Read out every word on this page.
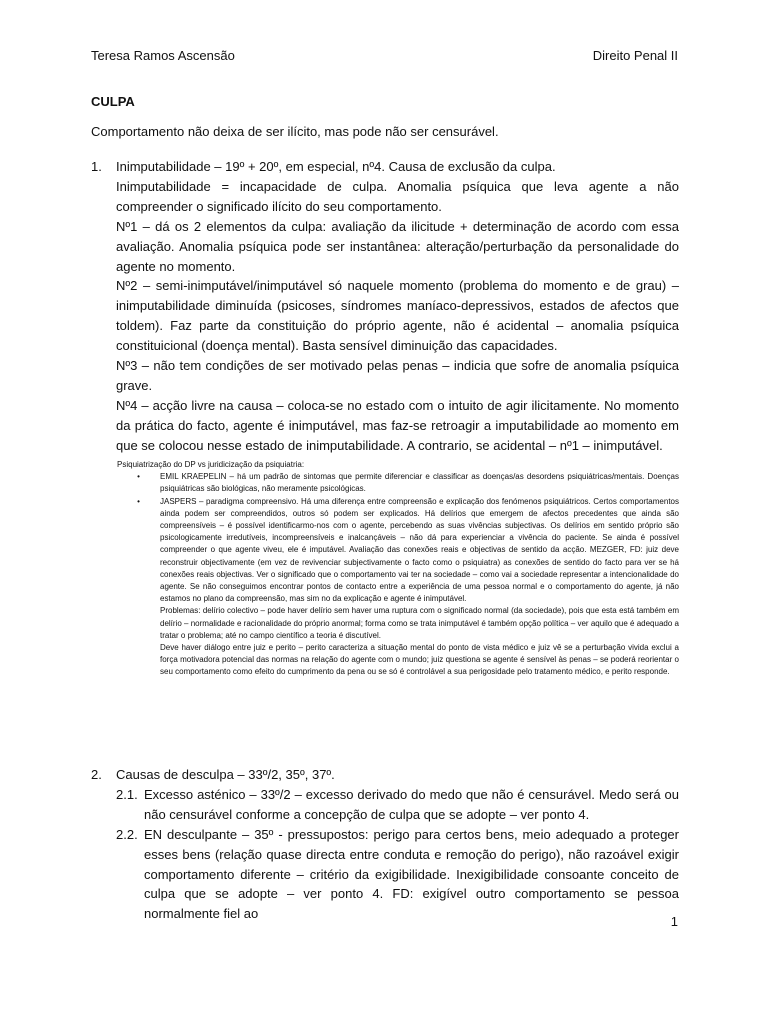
Teresa Ramos Ascensão	Direito Penal II
CULPA
Comportamento não deixa de ser ilícito, mas pode não ser censurável.
1.	Inimputabilidade – 19º + 20º, em especial, nº4. Causa de exclusão da culpa.

Inimputabilidade = incapacidade de culpa. Anomalia psíquica que leva agente a não compreender o significado ilícito do seu comportamento.

Nº1 – dá os 2 elementos da culpa: avaliação da ilicitude + determinação de acordo com essa avaliação. Anomalia psíquica pode ser instantânea: alteração/perturbação da personalidade do agente no momento.

Nº2 – semi-inimputável/inimputável só naquele momento (problema do momento e de grau) – inimputabilidade diminuída (psicoses, síndromes maníaco-depressivos, estados de afectos que toldem). Faz parte da constituição do próprio agente, não é acidental – anomalia psíquica constituicional (doença mental). Basta sensível diminuição das capacidades.

Nº3 – não tem condições de ser motivado pelas penas – indicia que sofre de anomalia psíquica grave.

Nº4 – acção livre na causa – coloca-se no estado com o intuito de agir ilicitamente. No momento da prática do facto, agente é inimputável, mas faz-se retroagir a imputabilidade ao momento em que se colocou nesse estado de inimputabilidade. A contrario, se acidental – nº1 – inimputável.

Psiquiatrização do DP vs juridicização da psiquiatria:

•	EMIL KRAEPELIN – há um padrão de sintomas que permite diferenciar e classificar as doenças/as desordens psiquiátricas/mentais. Doenças psiquiátricas são biológicas, não meramente psicológicas.
•	JASPERS – paradigma compreensivo. Há uma diferença entre compreensão e explicação dos fenómenos psiquiátricos. Certos comportamentos ainda podem ser compreendidos, outros só podem ser explicados. Há delírios que emergem de afectos precedentes que ainda são compreensíveis – é possível identificarmo-nos com o agente, percebendo as suas vivências subjectivas. Os delírios em sentido próprio são psicologicamente irredutíveis, incompreensíveis e inalcançáveis – não dá para experienciar a vivência do paciente. Se ainda é possível compreender o que agente viveu, ele é imputável. Avaliação das conexões reais e objectivas de sentido da acção. MEZGER, FD: juiz deve reconstruir objectivamente (em vez de revivenciar subjectivamente o facto como o psiquiatra) as conexões de sentido do facto para ver se há conexões reais objectivas. Ver o significado que o comportamento vai ter na sociedade – como vai a sociedade representar a intencionalidade do agente. Se não conseguimos encontrar pontos de contacto entre a experiência de uma pessoa normal e o comportamento do agente, já não estamos no plano da compreensão, mas sim no da explicação e agente é inimputável.

Problemas: delírio colectivo – pode haver delírio sem haver uma ruptura com o significado normal (da sociedade), pois que esta está também em delírio – normalidade e racionalidade do próprio anormal; forma como se trata inimputável é também opção política – ver aquilo que é adequado a tratar o problema; até no campo científico a teoria é discutível.

Deve haver diálogo entre juiz e perito – perito caracteriza a situação mental do ponto de vista médico e juiz vê se a perturbação vivida exclui a força motivadora potencial das normas na relação do agente com o mundo; juiz questiona se agente é sensível às penas – se poderá reorientar o seu comportamento como efeito do cumprimento da pena ou se só é controlável a sua perigosidade pelo tratamento médico, e perito responde.

2.	Causas de desculpa – 33º/2, 35º, 37º.

2.1. Excesso asténico – 33º/2 – excesso derivado do medo que não é censurável. Medo será ou não censurável conforme a concepção de culpa que se adopte – ver ponto 4.
2.2. EN desculpante – 35º - pressupostos: perigo para certos bens, meio adequado a proteger esses bens (relação quase directa entre conduta e remoção do perigo), não razoável exigir comportamento diferente – critério da exigibilidade. Inexigibilidade consoante conceito de culpa que se adopte – ver ponto 4. FD: exigível outro comportamento se pessoa normalmente fiel ao
1
